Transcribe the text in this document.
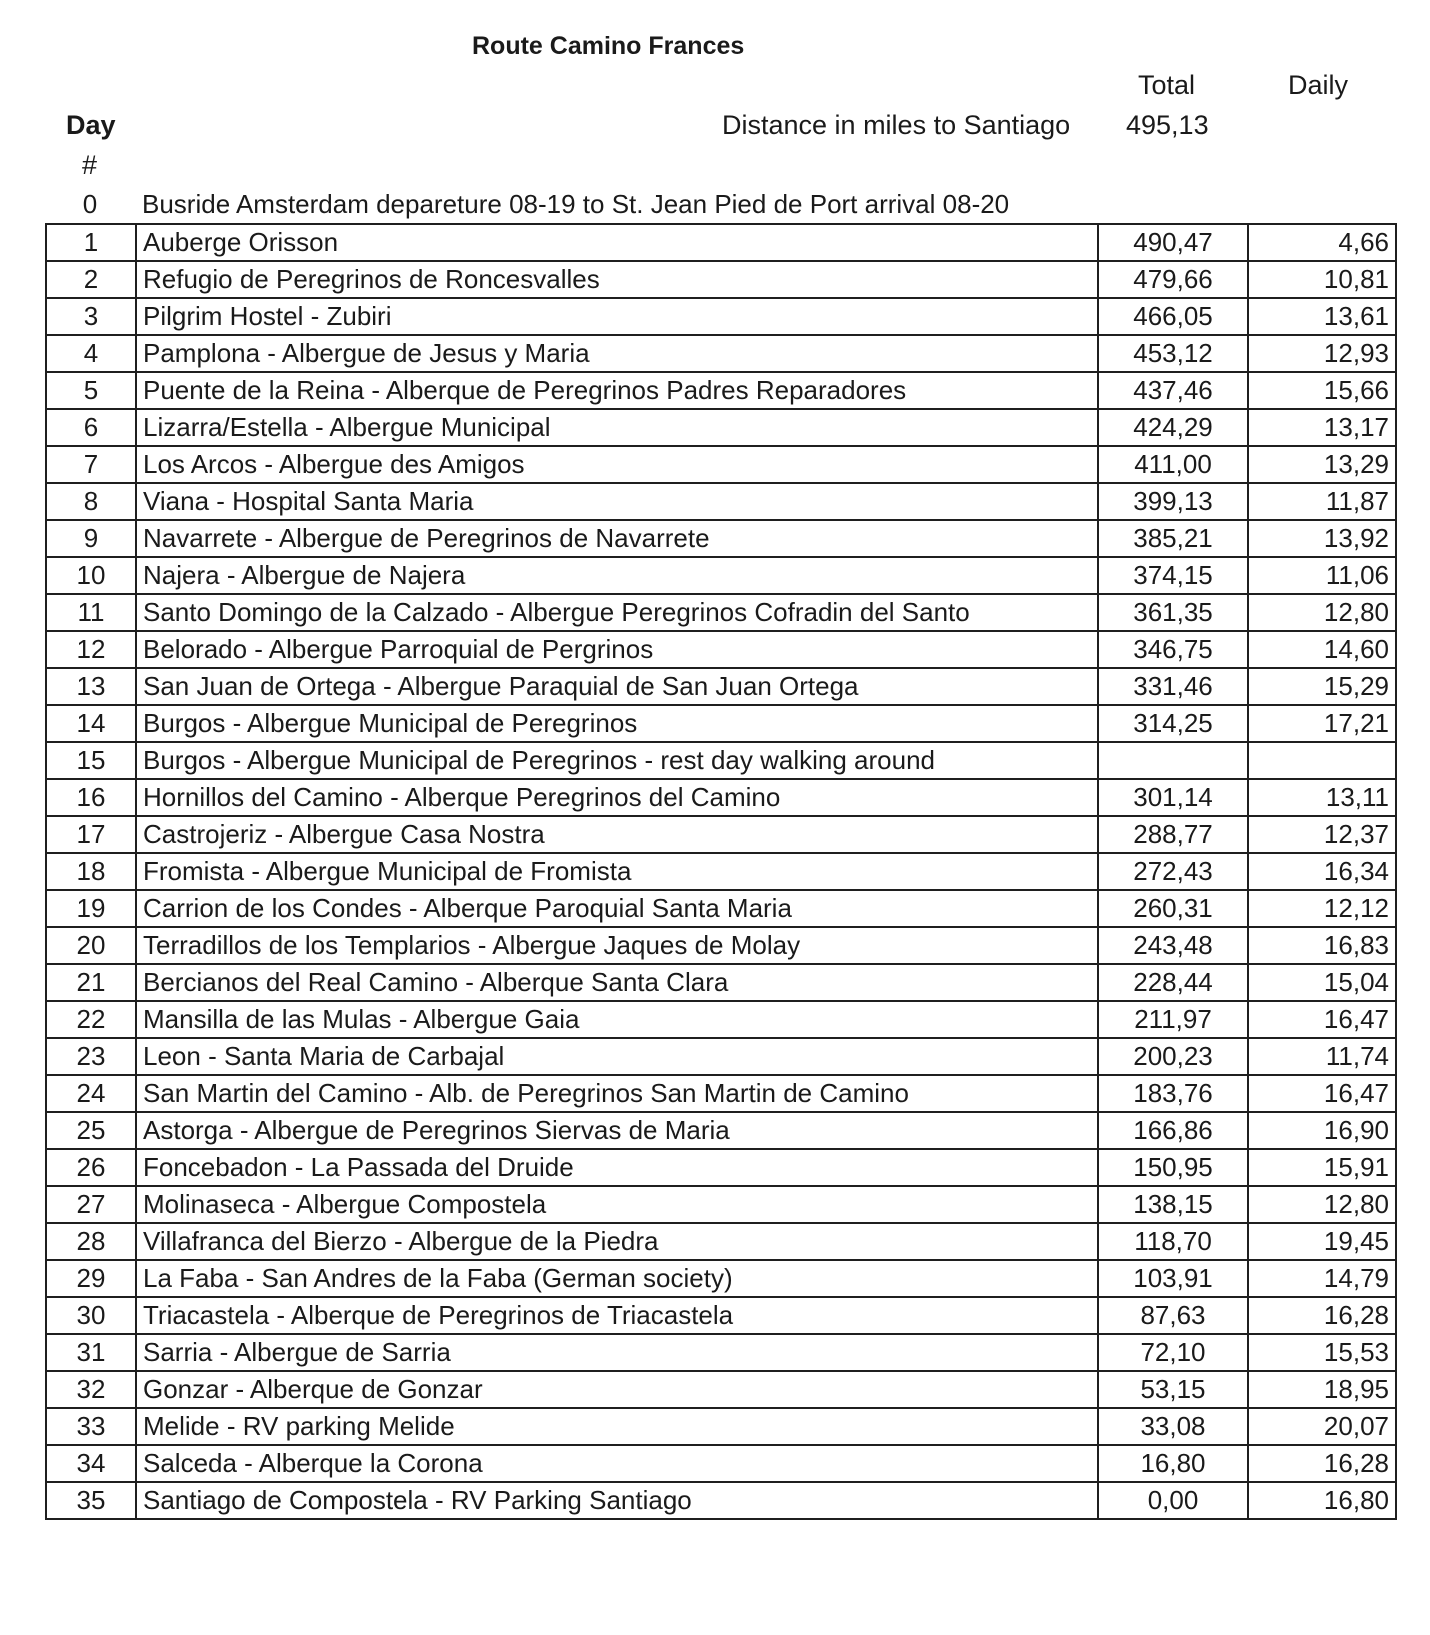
Route Camino Frances
Total	Daily
Day	Distance in miles to Santiago 495,13
#
0	Busride Amsterdam depareture 08-19 to St. Jean Pied de Port arrival 08-20
1	Auberge Orisson	490,47	4,66
2	Refugio de Peregrinos de Roncesvalles	479,66	10,81
3	Pilgrim Hostel - Zubiri	466,05	13,61
4	Pamplona - Albergue de Jesus y Maria	453,12	12,93
5	Puente de la Reina - Alberque de Peregrinos Padres Reparadores	437,46	15,66
6	Lizarra/Estella - Albergue Municipal	424,29	13,17
7	Los Arcos - Albergue des Amigos	411,00	13,29
8	Viana - Hospital Santa Maria	399,13	11,87
9	Navarrete - Albergue de Peregrinos de Navarrete	385,21	13,92
10	Najera - Albergue de Najera	374,15	11,06
11	Santo Domingo de la Calzado - Albergue Peregrinos Cofradin del Santo	361,35	12,80
12	Belorado - Albergue Parroquial de Pergrinos	346,75	14,60
13	San Juan de Ortega - Albergue Paraquial de San Juan Ortega	331,46	15,29
14	Burgos - Albergue Municipal de Peregrinos	314,25	17,21
15	Burgos - Albergue Municipal de Peregrinos - rest day walking around		
16	Hornillos del Camino - Alberque Peregrinos del Camino	301,14	13,11
17	Castrojeriz - Albergue Casa Nostra	288,77	12,37
18	Fromista - Albergue Municipal de Fromista	272,43	16,34
19	Carrion de los Condes - Alberque Paroquial Santa Maria	260,31	12,12
20	Terradillos de los Templarios - Albergue Jaques de Molay	243,48	16,83
21	Bercianos del Real Camino - Alberque Santa Clara	228,44	15,04
22	Mansilla de las Mulas - Albergue Gaia	211,97	16,47
23	Leon - Santa Maria de Carbajal	200,23	11,74
24	San Martin del Camino - Alb. de Peregrinos San Martin de Camino	183,76	16,47
25	Astorga - Albergue de Peregrinos Siervas de Maria	166,86	16,90
26	Foncebadon - La Passada del Druide	150,95	15,91
27	Molinaseca - Albergue Compostela	138,15	12,80
28	Villafranca del Bierzo - Albergue de la Piedra	118,70	19,45
29	La Faba - San Andres de la Faba (German society)	103,91	14,79
30	Triacastela - Alberque de Peregrinos de Triacastela	87,63	16,28
31	Sarria - Albergue de Sarria	72,10	15,53
32	Gonzar - Alberque de Gonzar	53,15	18,95
33	Melide - RV parking Melide	33,08	20,07
34	Salceda - Alberque la Corona	16,80	16,28
35	Santiago de Compostela - RV Parking Santiago	0,00	16,80
